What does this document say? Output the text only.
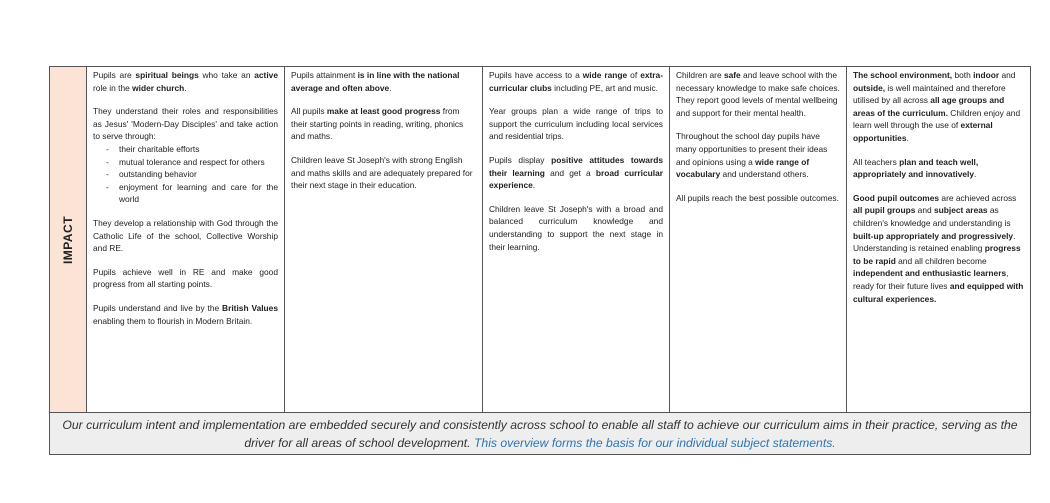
IMPACT

Pupils are spiritual beings who take an active role in the wider church.

They understand their roles and responsibilities as Jesus' 'Modern-Day Disciples' and take action to serve through:

- their charitable efforts
- mutual tolerance and respect for others
- outstanding behavior
- enjoyment for learning and care for the world

They develop a relationship with God through the Catholic Life of the school, Collective Worship and RE.

Pupils achieve well in RE and make good progress from all starting points.

Pupils understand and live by the British Values enabling them to flourish in Modern Britain.

Pupils attainment is in line with the national average and often above.

All pupils make at least good progress from their starting points in reading, writing, phonics and maths.

Children leave St Joseph's with strong English and maths skills and are adequately prepared for their next stage in their education.

Pupils have access to a wide range of extra-curricular clubs including PE, art and music.

Year groups plan a wide range of trips to support the curriculum including local services and residential trips.

Pupils display positive attitudes towards their learning and get a broad curricular experience.

Children leave St Joseph's with a broad and balanced curriculum knowledge and understanding to support the next stage in their learning.

Children are safe and leave school with the necessary knowledge to make safe choices. They report good levels of mental wellbeing and support for their mental health.

Throughout the school day pupils have many opportunities to present their ideas and opinions using a wide range of vocabulary and understand others.

All pupils reach the best possible outcomes.

The school environment, both indoor and outside, is well maintained and therefore utilised by all across all age groups and areas of the curriculum. Children enjoy and learn well through the use of external opportunities.

All teachers plan and teach well, appropriately and innovatively.

Good pupil outcomes are achieved across all pupil groups and subject areas as children's knowledge and understanding is built-up appropriately and progressively. Understanding is retained enabling progress to be rapid and all children become independent and enthusiastic learners, ready for their future lives and equipped with cultural experiences.

Our curriculum intent and implementation are embedded securely and consistently across school to enable all staff to achieve our curriculum aims in their practice, serving as the driver for all areas of school development. This overview forms the basis for our individual subject statements.
